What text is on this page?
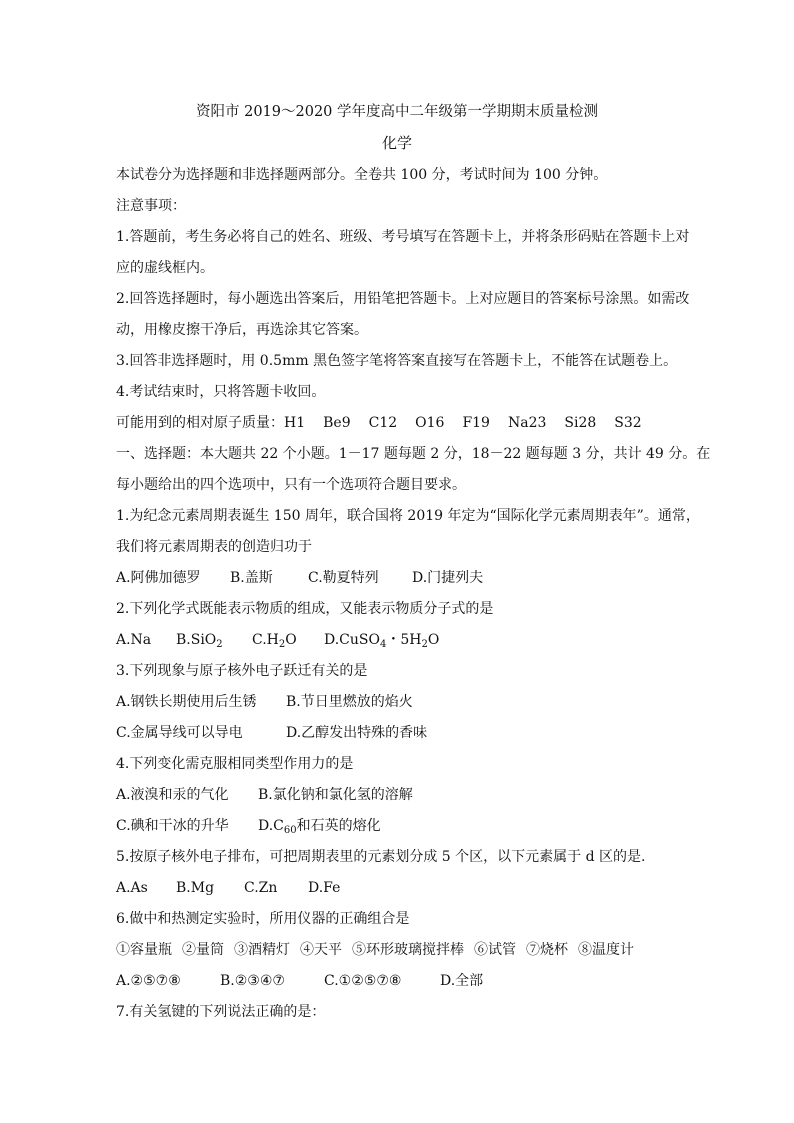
资阳市 2019～2020 学年度高中二年级第一学期期末质量检测
化学
本试卷分为选择题和非选择题两部分。全卷共 100 分，考试时间为 100 分钟。
注意事项：
1.答题前，考生务必将自己的姓名、班级、考号填写在答题卡上，并将条形码贴在答题卡上对
应的虚线框内。
2.回答选择题时，每小题选出答案后，用铅笔把答题卡。上对应题目的答案标号涂黑。如需改
动，用橡皮擦干净后，再选涂其它答案。
3.回答非选择题时，用 0.5mm 黑色签字笔将答案直接写在答题卡上，不能答在试题卷上。
4.考试结束时，只将答题卡收回。
可能用到的相对原子质量：H1 Be9 C12 O16 F19 Na23 Si28 S32
一、选择题：本大题共 22 个小题。1－17 题每题 2 分，18－22 题每题 3 分，共计 49 分。在
每小题给出的四个选项中，只有一个选项符合题目要求。
1.为纪念元素周期表诞生 150 周年，联合国将 2019 年定为“国际化学元素周期表年”。通常，
我们将元素周期表的创造归功于
A.阿佛加德罗 B.盖斯	C.勒夏特列 D.门捷列夫
2.下列化学式既能表示物质的组成，又能表示物质分子式的是
A.Na B.SiO$_2$ $C.H_2O$ D.CuSO$_4$・$5H_2O$
3.下列现象与原子核外电子跃迁有关的是
A.钢铁长期使用后生锈 B.节日里燃放的焰火
C.金属导线可以导电	D.乙醇发出特殊的香味
4.下列变化需克服相同类型作用力的是
A.液溴和汞的气化 B.氯化钠和氯化氢的溶解
C.碘和干冰的升华 $D.C_{60}$和石英的熔化
5.按原子核外电子排布，可把周期表里的元素划分成 5 个区，以下元素属于 d 区的是.
A.As B.Mg C.Zn D.Fe
6.做中和热测定实验时，所用仪器的正确组合是
①容量瓶 ②量筒 ③酒精灯 ④天平 ⑤环形玻璃搅拌棒 ⑥试管 ⑦烧杯 ⑧温度计
A.②⑤⑦⑧	B.②③④⑦	C.①②⑤⑦⑧	D.全部
7.有关氢键的下列说法正确的是：
